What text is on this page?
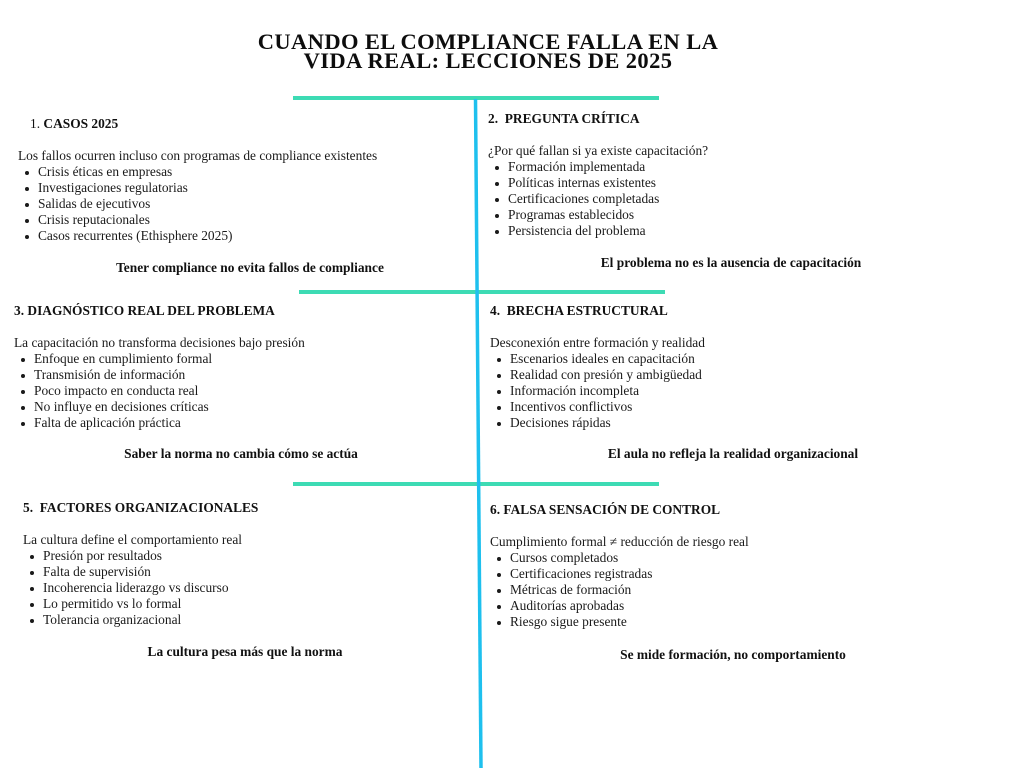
CUANDO EL COMPLIANCE FALLA EN LA
VIDA REAL: LECCIONES DE 2025
1. CASOS 2025
Los fallos ocurren incluso con programas de compliance existentes
Crisis éticas en empresas
Investigaciones regulatorias
Salidas de ejecutivos
Crisis reputacionales
Casos recurrentes (Ethisphere 2025)
Tener compliance no evita fallos de compliance
2. PREGUNTA CRÍTICA
¿Por qué fallan si ya existe capacitación?
Formación implementada
Políticas internas existentes
Certificaciones completadas
Programas establecidos
Persistencia del problema
El problema no es la ausencia de capacitación
3. DIAGNÓSTICO REAL DEL PROBLEMA
La capacitación no transforma decisiones bajo presión
Enfoque en cumplimiento formal
Transmisión de información
Poco impacto en conducta real
No influye en decisiones críticas
Falta de aplicación práctica
Saber la norma no cambia cómo se actúa
4. BRECHA ESTRUCTURAL
Desconexión entre formación y realidad
Escenarios ideales en capacitación
Realidad con presión y ambigüedad
Información incompleta
Incentivos conflictivos
Decisiones rápidas
El aula no refleja la realidad organizacional
5. FACTORES ORGANIZACIONALES
La cultura define el comportamiento real
Presión por resultados
Falta de supervisión
Incoherencia liderazgo vs discurso
Lo permitido vs lo formal
Tolerancia organizacional
La cultura pesa más que la norma
6. FALSA SENSACIÓN DE CONTROL
Cumplimiento formal ≠ reducción de riesgo real
Cursos completados
Certificaciones registradas
Métricas de formación
Auditorías aprobadas
Riesgo sigue presente
Se mide formación, no comportamiento
